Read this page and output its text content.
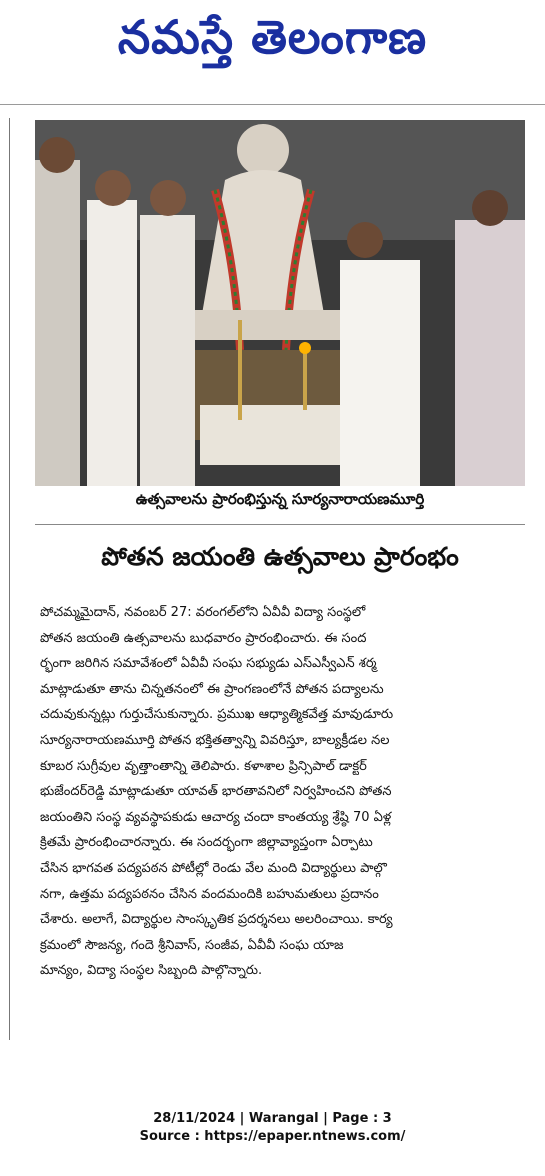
నమస్తే తెలంగాణ
ఉత్సవాలను ప్రారంభిస్తున్న సూర్యనారాయణమూర్తి
పోతన జయంతి ఉత్సవాలు ప్రారంభం
పోచమ్మమైదాన్, నవంబర్ 27: వరంగల్‌లోని ఏవీవీ విద్యా సంస్థలో
పోతన జయంతి ఉత్సవాలను బుధవారం ప్రారంభించారు. ఈ సంద
ర్భంగా జరిగిన సమావేశంలో ఏవీవీ సంఘ సభ్యుడు ఎస్ఎస్వీఎన్ శర్మ
మాట్లాడుతూ తాను చిన్నతనంలో ఈ ప్రాంగణంలోనే పోతన పద్యాలను
చదువుకున్నట్లు గుర్తుచేసుకున్నారు. ప్రముఖ ఆధ్యాత్మికవేత్త మావుడూరు
సూర్యనారాయణమూర్తి పోతన భక్తితత్వాన్ని వివరిస్తూ, బాల్యక్రీడల నల
కూబర సుగ్రీవుల వృత్తాంతాన్ని తెలిపారు. కళాశాల ప్రిన్సిపాల్ డాక్టర్
భుజేందర్‌రెడ్డి మాట్లాడుతూ యావత్ భారతావనిలో నిర్వహించని పోతన
జయంతిని సంస్థ వ్యవస్థాపకుడు ఆచార్య చందా కాంతయ్య శ్రేష్ఠి 70 ఏళ్ల
క్రితమే ప్రారంభించారన్నారు. ఈ సందర్భంగా జిల్లావ్యాప్తంగా ఏర్పాటు
చేసిన భాగవత పద్యపఠన పోటీల్లో రెండు వేల మంది విద్యార్థులు పాల్గొ
నగా, ఉత్తమ పద్యపఠనం చేసిన వందమందికి బహుమతులు ప్రదానం
చేశారు. అలాగే, విద్యార్థుల సాంస్కృతిక ప్రదర్శనలు అలరించాయి. కార్య
క్రమంలో సౌజన్య, గందె శ్రీనివాస్, సంజీవ, ఏవీవీ సంఘ యాజ
మాన్యం, విద్యా సంస్థల సిబ్బంది పాల్గొన్నారు.
28/11/2024 | Warangal | Page : 3
Source : https://epaper.ntnews.com/
